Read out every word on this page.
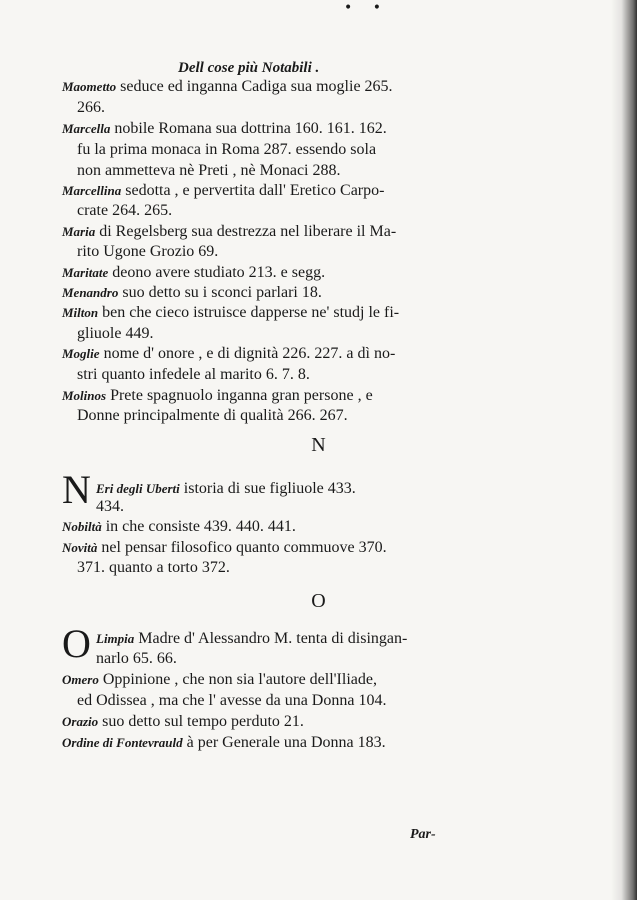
• •
Dell cose più Notabili .
Maometto seduce ed inganna Cadiga sua moglie 265.
266.
Marcella nobile Romana sua dottrina 160. 161. 162.
fu la prima monaca in Roma 287. essendo sola
non ammetteva nè Preti , nè Monaci 288.
Marcellina sedotta , e pervertita dall' Eretico Carpo-
crate 264. 265.
Maria di Regelsberg sua destrezza nel liberare il Ma-
rito Ugone Grozio 69.
Maritate deono avere studiato 213. e segg.
Menandro suo detto su i sconci parlari 18.
Milton ben che cieco istruisce dapperse ne' studj le fi-
gliuole 449.
Moglie nome d' onore , e di dignità 226. 227. a dì no-
stri quanto infedele al marito 6. 7. 8.
Molinos Prete spagnuolo inganna gran persone , e
Donne principalmente di qualità 266. 267.
N
N Eri degli Uberti istoria di sue figliuole 433.
434.
Nobiltà in che consiste 439. 440. 441.
Novità nel pensar filosofico quanto commuove 370.
371. quanto a torto 372.
O
O Limpia Madre d' Alessandro M. tenta di disingan-
narlo 65. 66.
Omero Oppinione , che non sia l'autore dell'Iliade,
ed Odissea , ma che l' avesse da una Donna 104.
Orazio suo detto sul tempo perduto 21.
Ordine di Fontevrauld à per Generale una Donna 183.
Par-
